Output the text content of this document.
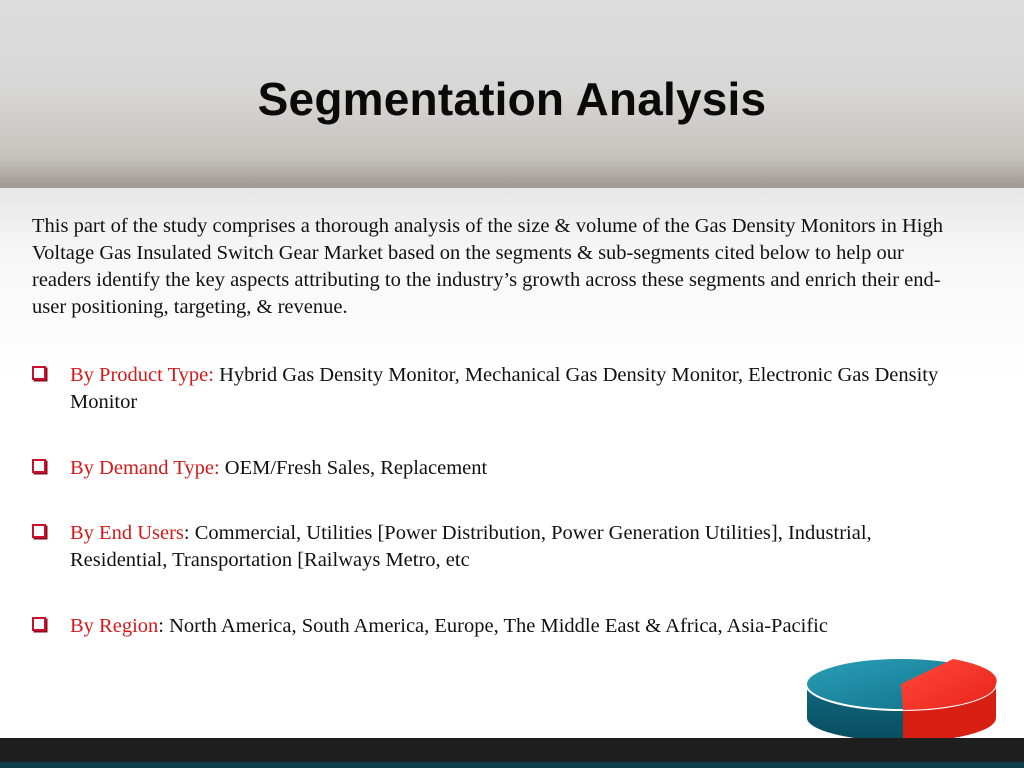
Segmentation Analysis
This part of the study comprises a thorough analysis of the size & volume of the Gas Density Monitors in High Voltage Gas Insulated Switch Gear Market based on the segments & sub-segments cited below to help our readers identify the key aspects attributing to the industry’s growth across these segments and enrich their end-user positioning, targeting, & revenue.
By Product Type: Hybrid Gas Density Monitor, Mechanical Gas Density Monitor, Electronic Gas Density Monitor
By Demand Type: OEM/Fresh Sales, Replacement
By End Users: Commercial, Utilities [Power Distribution, Power Generation Utilities], Industrial, Residential, Transportation [Railways Metro, etc
By Region: North America, South America, Europe, The Middle East & Africa, Asia-Pacific
